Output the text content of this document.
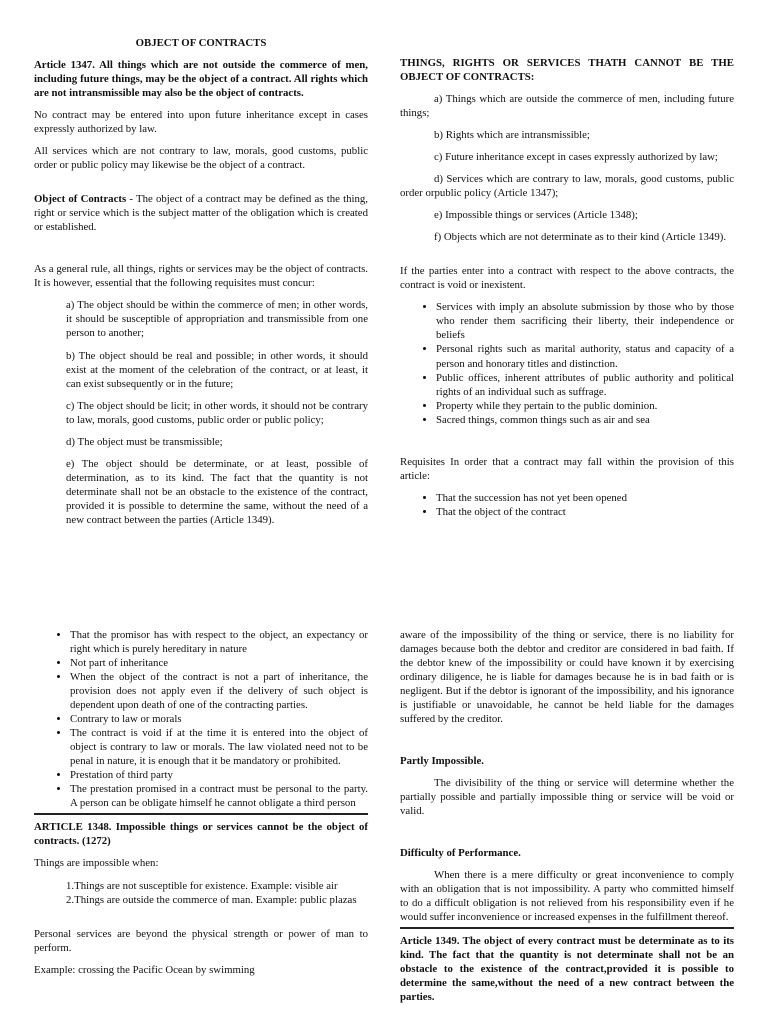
OBJECT OF CONTRACTS

Article 1347. All things which are not outside the commerce of men, including future things, may be the object of a contract. All rights which are not intransmissible may also be the object of contracts.

No contract may be entered into upon future inheritance except in cases expressly authorized by law.

All services which are not contrary to law, morals, good customs, public order or public policy may likewise be the object of a contract.

Object of Contracts - The object of a contract may be defined as the thing, right or service which is the subject matter of the obligation which is created or established.

As a general rule, all things, rights or services may be the object of contracts. It is however, essential that the following requisites must concur:

a) The object should be within the commerce of men; in other words, it should be susceptible of appropriation and transmissible from one person to another;

b) The object should be real and possible; in other words, it should exist at the moment of the celebration of the contract, or at least, it can exist subsequently or in the future;

c) The object should be licit; in other words, it should not be contrary to law, morals, good customs, public order or public policy;

d) The object must be transmissible;

e) The object should be determinate, or at least, possible of determination, as to its kind. The fact that the quantity is not determinate shall not be an obstacle to the existence of the contract, provided it is possible to determine the same, without the need of a new contract between the parties (Article 1349).

THINGS, RIGHTS OR SERVICES THATH CANNOT BE THE OBJECT OF CONTRACTS:

a) Things which are outside the commerce of men, including future things;

b) Rights which are intransmissible;

c) Future inheritance except in cases expressly authorized by law;

d) Services which are contrary to law, morals, good customs, public order orpublic policy (Article 1347);

e) Impossible things or services (Article 1348);

f) Objects which are not determinate as to their kind (Article 1349).

If the parties enter into a contract with respect to the above contracts, the contract is void or inexistent.

• Services with imply an absolute submission by those who by those who render them sacrificing their liberty, their independence or beliefs
• Personal rights such as marital authority, status and capacity of a person and honorary titles and distinction.
• Public offices, inherent attributes of public authority and political rights of an individual such as suffrage.
• Property while they pertain to the public dominion.
• Sacred things, common things such as air and sea

Requisites In order that a contract may fall within the provision of this article:

• That the succession has not yet been opened
• That the object of the contract
• That the promisor has with respect to the object, an expectancy or right which is purely hereditary in nature
• Not part of inheritance
• When the object of the contract is not a part of inheritance, the provision does not apply even if the delivery of such object is dependent upon death of one of the contracting parties.
• Contrary to law or morals
• The contract is void if at the time it is entered into the object of object is contrary to law or morals. The law violated need not to be penal in nature, it is enough that it be mandatory or prohibited.
• Prestation of third party
• The prestation promised in a contract must be personal to the party. A person can be obligate himself he cannot obligate a third person

ARTICLE 1348. Impossible things or services cannot be the object of contracts. (1272)

Things are impossible when:

1.Things are not susceptible for existence. Example: visible air

2.Things are outside the commerce of man. Example: public plazas

Personal services are beyond the physical strength or power of man to perform.

Example: crossing the Pacific Ocean by swimming

aware of the impossibility of the thing or service, there is no liability for damages because both the debtor and creditor are considered in bad faith. If the debtor knew of the impossibility or could have known it by exercising ordinary diligence, he is liable for damages because he is in bad faith or is negligent. But if the debtor is ignorant of the impossibility, and his ignorance is justifiable or unavoidable, he cannot be held liable for the damages suffered by the creditor.

Partly Impossible.

The divisibility of the thing or service will determine whether the partially possible and partially impossible thing or service will be void or valid.

Difficulty of Performance.

When there is a mere difficulty or great inconvenience to comply with an obligation that is not impossibility. A party who committed himself to do a difficult obligation is not relieved from his responsibility even if he would suffer inconvenience or increased expenses in the fulfillment thereof.

Article 1349. The object of every contract must be determinate as to its kind. The fact that the quantity is not determinate shall not be an obstacle to the existence of the contract,provided it is possible to determine the same,without the need of a new contract between the parties.
